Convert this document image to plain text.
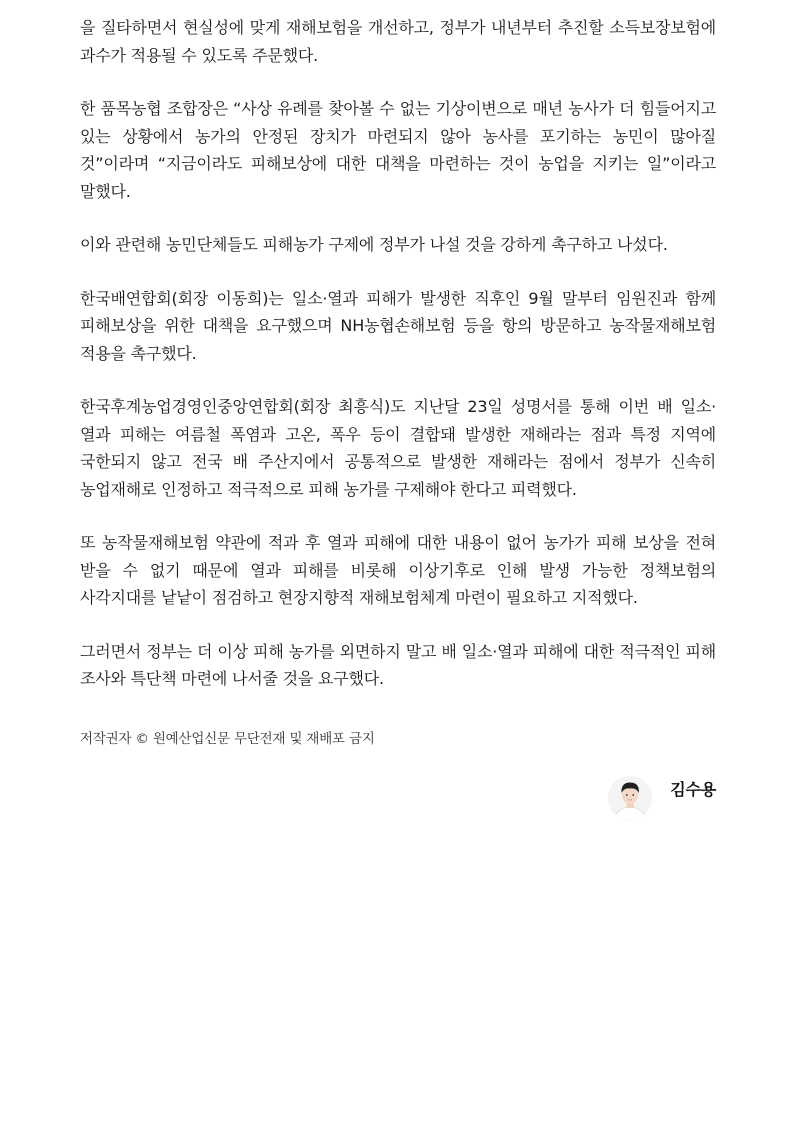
을 질타하면서 현실성에 맞게 재해보험을 개선하고, 정부가 내년부터 추진할 소득보장보험에 과수가 적용될 수 있도록 주문했다.

한 품목농협 조합장은 “사상 유례를 찾아볼 수 없는 기상이변으로 매년 농사가 더 힘들어지고 있는 상황에서 농가의 안정된 장치가 마련되지 않아 농사를 포기하는 농민이 많아질 것”이라며 “지금이라도 피해보상에 대한 대책을 마련하는 것이 농업을 지키는 일”이라고 말했다.

이와 관련해 농민단체들도 피해농가 구제에 정부가 나설 것을 강하게 촉구하고 나섰다.

한국배연합회(회장 이동희)는 일소·열과 피해가 발생한 직후인 9월 말부터 임원진과 함께 피해보상을 위한 대책을 요구했으며 NH농협손해보험 등을 항의 방문하고 농작물재해보험 적용을 촉구했다.

한국후계농업경영인중앙연합회(회장 최흥식)도 지난달 23일 성명서를 통해 이번 배 일소·열과 피해는 여름철 폭염과 고온, 폭우 등이 결합돼 발생한 재해라는 점과 특정 지역에 국한되지 않고 전국 배 주산지에서 공통적으로 발생한 재해라는 점에서 정부가 신속히 농업재해로 인정하고 적극적으로 피해 농가를 구제해야 한다고 피력했다.

또 농작물재해보험 약관에 적과 후 열과 피해에 대한 내용이 없어 농가가 피해 보상을 전혀 받을 수 없기 때문에 열과 피해를 비롯해 이상기후로 인해 발생 가능한 정책보험의 사각지대를 낱낱이 점검하고 현장지향적 재해보험체계 마련이 필요하고 지적했다.

그러면서 정부는 더 이상 피해 농가를 외면하지 말고 배 일소·열과 피해에 대한 적극적인 피해 조사와 특단책 마련에 나서줄 것을 요구했다.

저작권자 © 원예산업신문 무단전재 및 재배포 금지
김수용
